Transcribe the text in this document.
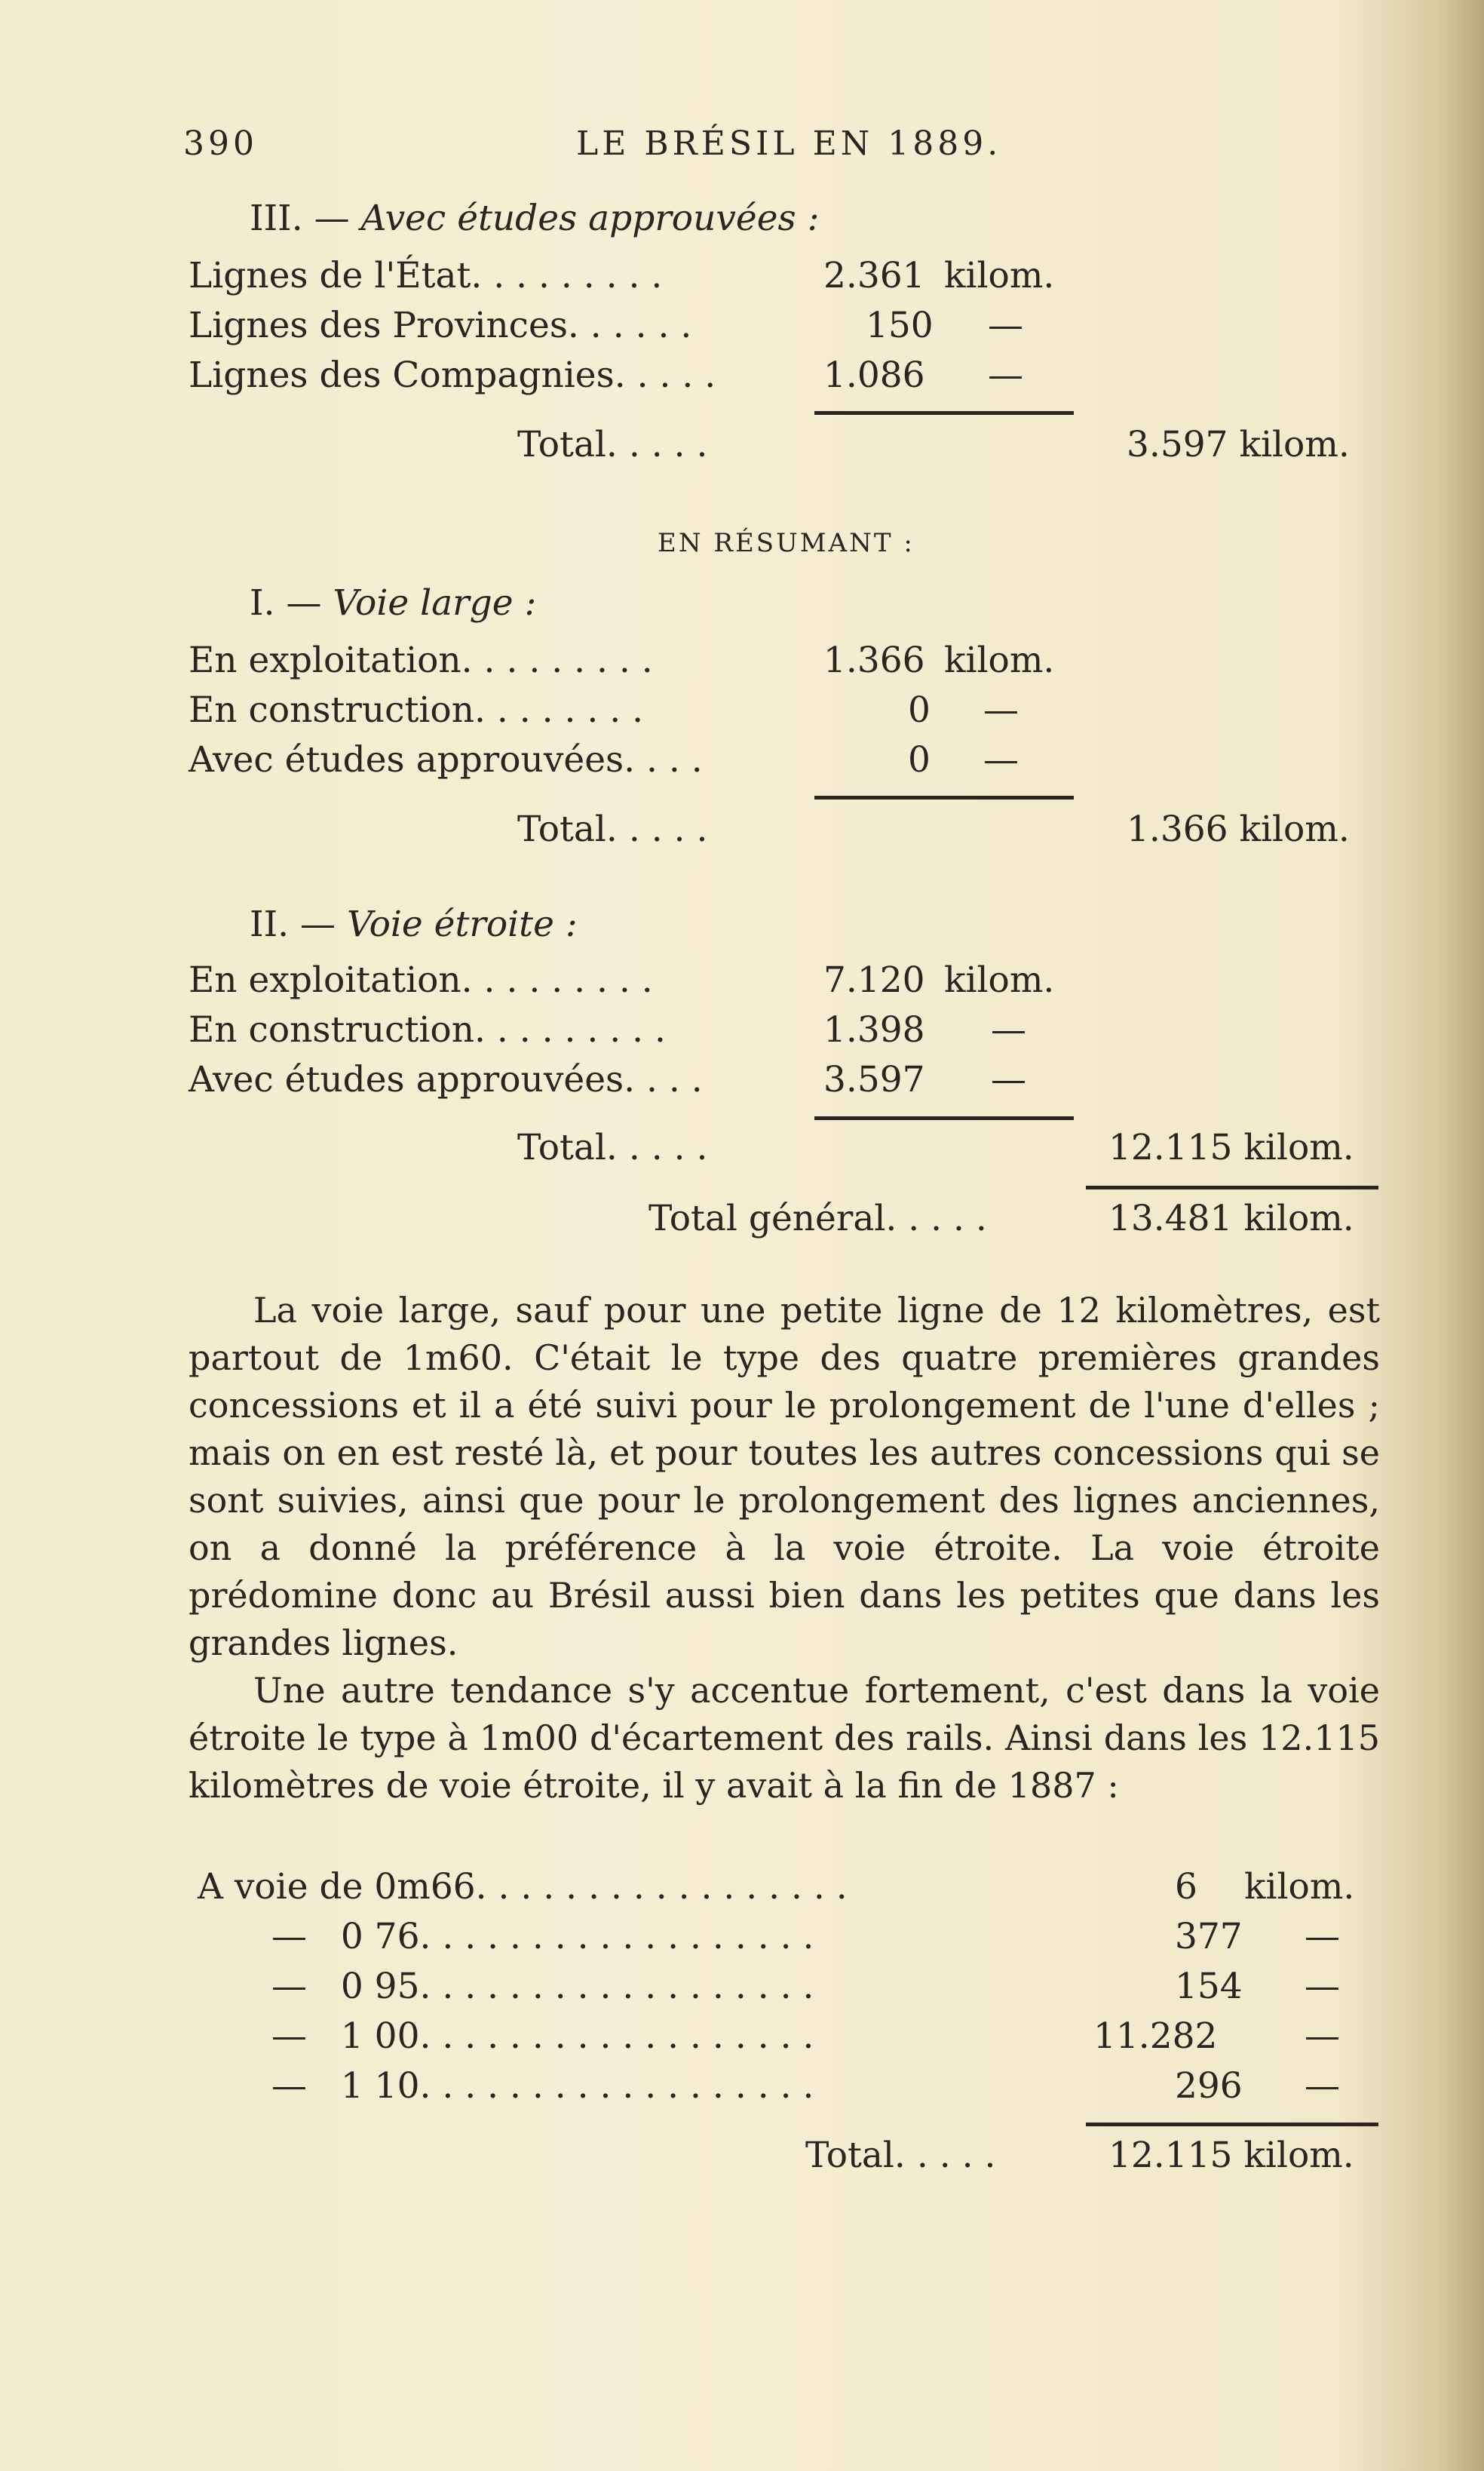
390	LE BRÉSIL EN 1889.
III. — Avec études approuvées :
Lignes de l'État. . . . . . . . .	2.361 kilom.
Lignes des Provinces. . . . . .	150 —
Lignes des Compagnies. . . . .	1.086 —
Total. . . . .	3.597 kilom.
EN RÉSUMANT :
I. — Voie large :
En exploitation. . . . . . . . .	1.366 kilom.
En construction. . . . . . . .	0 —
Avec études approuvées. . . .	0 —
Total. . . . .	1.366 kilom.
II. — Voie étroite :
En exploitation. . . . . . . . .	7.120 kilom.
En construction. . . . . . . . .	1.398 —
Avec études approuvées. . . .	3.597 —
Total. . . . .	12.115 kilom.
Total général. . . . .	13.481 kilom.

La voie large, sauf pour une petite ligne de 12 kilomètres, est partout de 1m60. C'était le type des quatre premières grandes concessions et il a été suivi pour le prolongement de l'une d'elles ; mais on en est resté là, et pour toutes les autres concessions qui se sont suivies, ainsi que pour le prolongement des lignes anciennes, on a donné la préférence à la voie étroite. La voie étroite prédomine donc au Brésil aussi bien dans les petites que dans les grandes lignes.

Une autre tendance s'y accentue fortement, c'est dans la voie étroite le type à 1m00 d'écartement des rails. Ainsi dans les 12.115 kilomètres de voie étroite, il y avait à la fin de 1887 :

A voie de 0m66. . . . . . . . . . . . . . . . .	6 kilom.
— 0 76. . . . . . . . . . . . . . . . . .	377 —
— 0 95. . . . . . . . . . . . . . . . . .	154 —
— 1 00. . . . . . . . . . . . . . . . . .	11.282 —
— 1 10. . . . . . . . . . . . . . . . . .	296 —
Total. . . . .	12.115 kilom.
